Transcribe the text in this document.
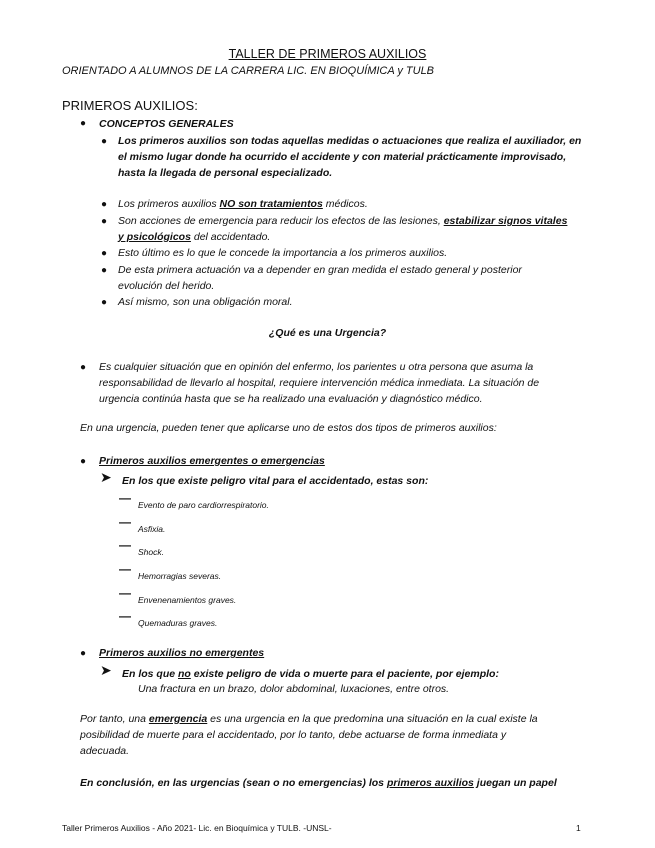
TALLER DE PRIMEROS AUXILIOS
ORIENTADO A ALUMNOS DE LA CARRERA LIC. EN BIOQUÍMICA y TULB
PRIMEROS AUXILIOS:
● CONCEPTOS GENERALES
● Los primeros auxilios son todas aquellas medidas o actuaciones que realiza el auxiliador, en
el mismo lugar donde ha ocurrido el accidente y con material prácticamente improvisado,
hasta la llegada de personal especializado.
● Los primeros auxilios NO son tratamientos médicos.
● Son acciones de emergencia para reducir los efectos de las lesiones, estabilizar signos vitales
y psicológicos del accidentado.
● Esto último es lo que le concede la importancia a los primeros auxilios.
● De esta primera actuación va a depender en gran medida el estado general y posterior
evolución del herido.
● Así mismo, son una obligación moral.
¿Qué es una Urgencia?
● Es cualquier situación que en opinión del enfermo, los parientes u otra persona que asuma la
responsabilidad de llevarlo al hospital, requiere intervención médica inmediata. La situación de
urgencia continúa hasta que se ha realizado una evaluación y diagnóstico médico.
En una urgencia, pueden tener que aplicarse uno de estos dos tipos de primeros auxilios:
● Primeros auxilios emergentes o emergencias
➤ En los que existe peligro vital para el accidentado, estas son:
— Evento de paro cardiorrespiratorio.
— Asfixia.
— Shock.
— Hemorragias severas.
— Envenenamientos graves.
— Quemaduras graves.
● Primeros auxilios no emergentes
➤ En los que no existe peligro de vida o muerte para el paciente, por ejemplo:
Una fractura en un brazo, dolor abdominal, luxaciones, entre otros.
Por tanto, una emergencia es una urgencia en la que predomina una situación en la cual existe la
posibilidad de muerte para el accidentado, por lo tanto, debe actuarse de forma inmediata y
adecuada.
En conclusión, en las urgencias (sean o no emergencias) los primeros auxilios juegan un papel
Taller Primeros Auxilios - Año 2021- Lic. en Bioquímica y TULB. -UNSL-	1
